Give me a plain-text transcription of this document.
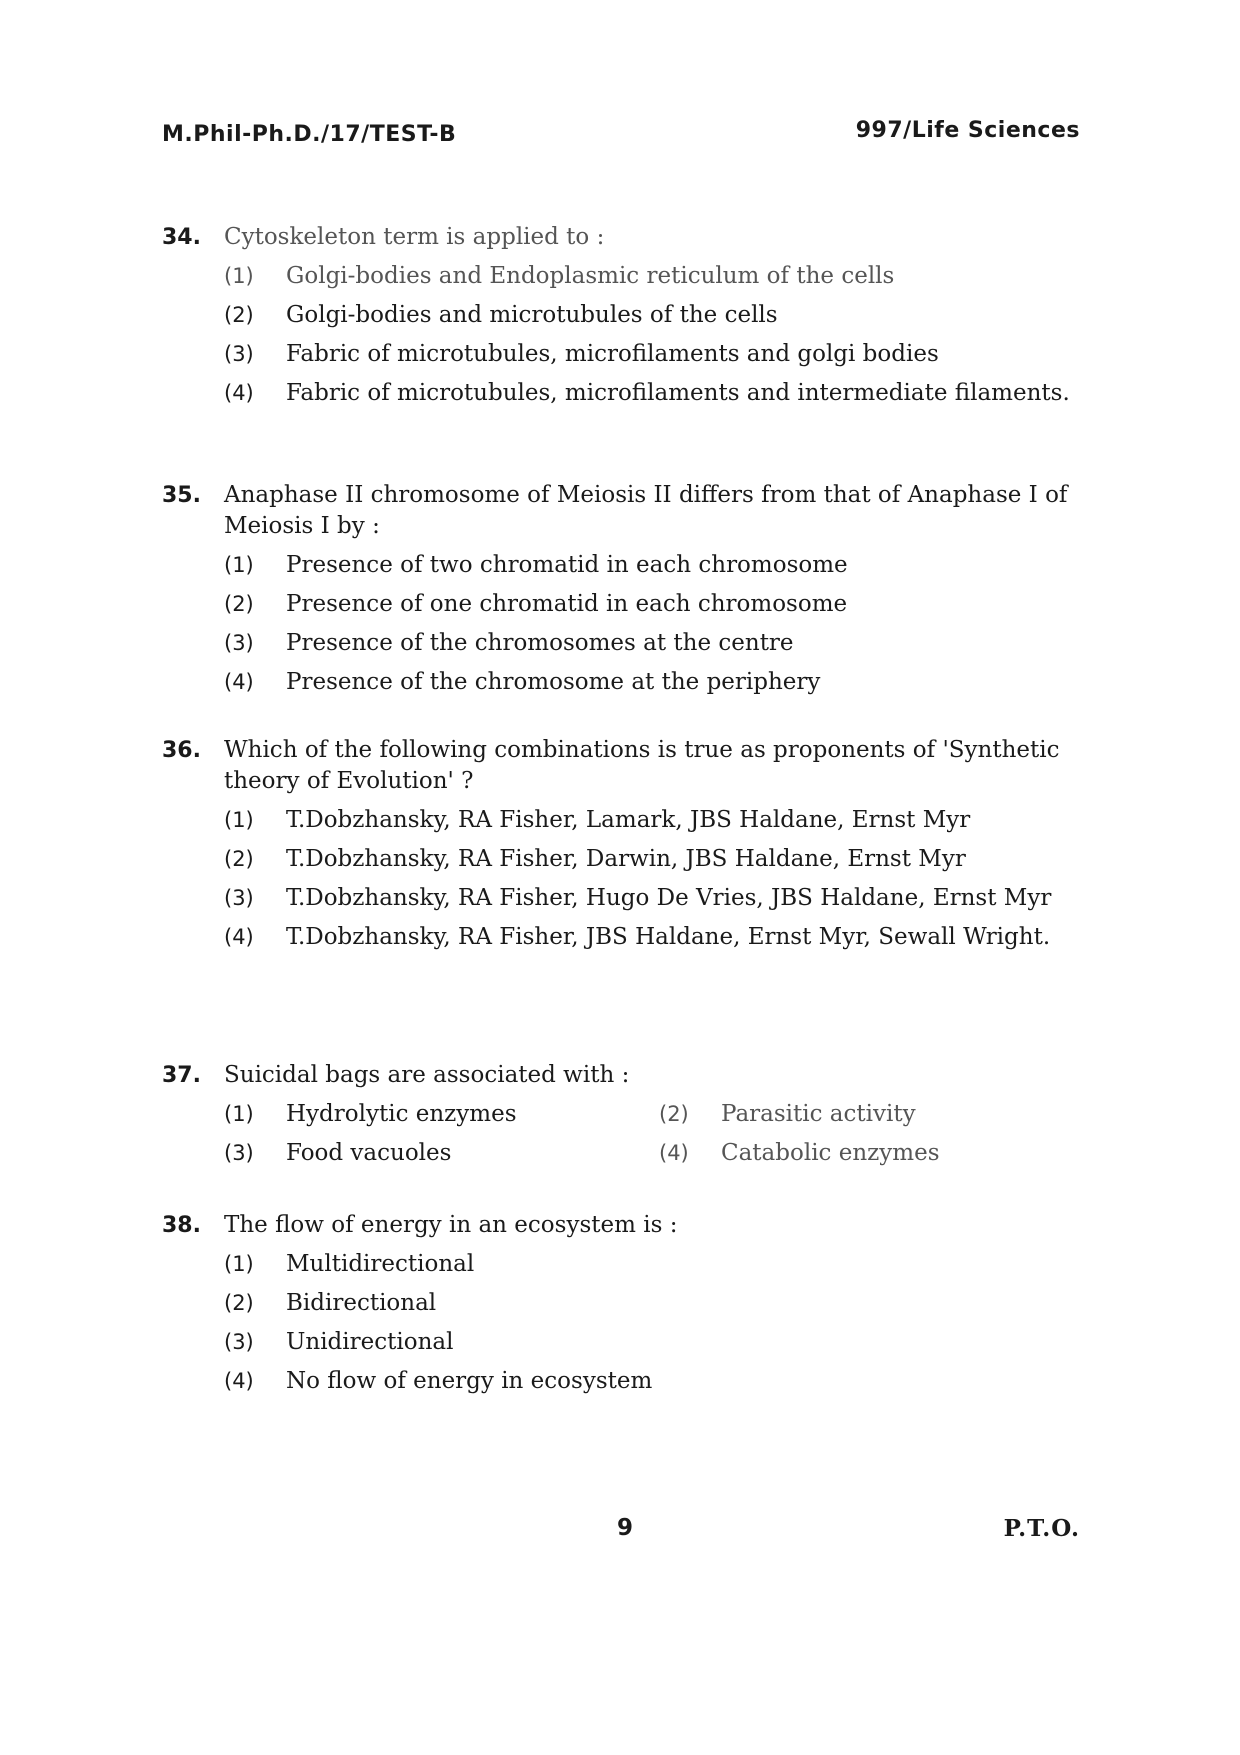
M.Phil-Ph.D./17/TEST-B	997/Life Sciences
34. Cytoskeleton term is applied to :
(1) Golgi-bodies and Endoplasmic reticulum of the cells
(2) Golgi-bodies and microtubules of the cells
(3) Fabric of microtubules, microfilaments and golgi bodies
(4) Fabric of microtubules, microfilaments and intermediate filaments.
35. Anaphase II chromosome of Meiosis II differs from that of Anaphase I of Meiosis I by :
(1) Presence of two chromatid in each chromosome
(2) Presence of one chromatid in each chromosome
(3) Presence of the chromosomes at the centre
(4) Presence of the chromosome at the periphery
36. Which of the following combinations is true as proponents of 'Synthetic theory of Evolution' ?
(1) T.Dobzhansky, RA Fisher, Lamark, JBS Haldane, Ernst Myr
(2) T.Dobzhansky, RA Fisher, Darwin, JBS Haldane, Ernst Myr
(3) T.Dobzhansky, RA Fisher, Hugo De Vries, JBS Haldane, Ernst Myr
(4) T.Dobzhansky, RA Fisher, JBS Haldane, Ernst Myr, Sewall Wright.
37. Suicidal bags are associated with :
(1) Hydrolytic enzymes	(2) Parasitic activity
(3) Food vacuoles	(4) Catabolic enzymes
38. The flow of energy in an ecosystem is :
(1) Multidirectional
(2) Bidirectional
(3) Unidirectional
(4) No flow of energy in ecosystem
9	P.T.O.
